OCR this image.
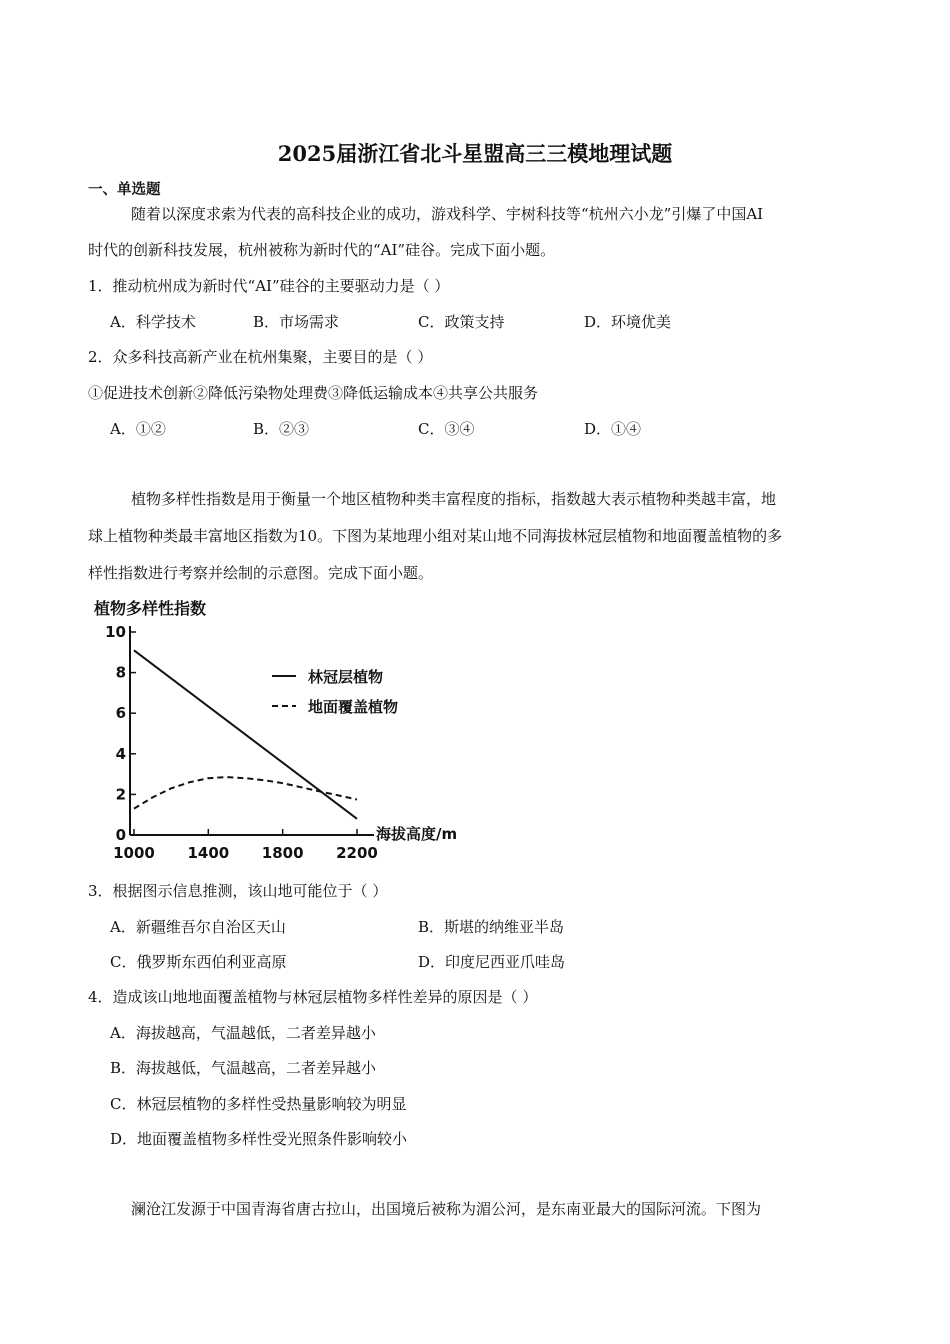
2025届浙江省北斗星盟高三三模地理试题
一、单选题
随着以深度求索为代表的高科技企业的成功，游戏科学、宇树科技等“杭州六小龙”引爆了中国AI
时代的创新科技发展，杭州被称为新时代的“AI”硅谷。完成下面小题。
1．推动杭州成为新时代“AI”硅谷的主要驱动力是（ ）
A．科学技术	B．市场需求	C．政策支持	D．环境优美
2．众多科技高新产业在杭州集聚，主要目的是（ ）
①促进技术创新②降低污染物处理费③降低运输成本④共享公共服务
A．①②	B．②③	C．③④	D．①④
植物多样性指数是用于衡量一个地区植物种类丰富程度的指标，指数越大表示植物种类越丰富，地
球上植物种类最丰富地区指数为10。下图为某地理小组对某山地不同海拔林冠层植物和地面覆盖植物的多
样性指数进行考察并绘制的示意图。完成下面小题。
植物多样性指数
海拔高度/m
0
2
4
6
8
10
1000 1400 1800 2200
林冠层植物
地面覆盖植物
3．根据图示信息推测，该山地可能位于（ ）
A．新疆维吾尔自治区天山	B．斯堪的纳维亚半岛
C．俄罗斯东西伯利亚高原	D．印度尼西亚爪哇岛
4．造成该山地地面覆盖植物与林冠层植物多样性差异的原因是（ ）
A．海拔越高，气温越低，二者差异越小
B．海拔越低，气温越高，二者差异越小
C．林冠层植物的多样性受热量影响较为明显
D．地面覆盖植物多样性受光照条件影响较小
澜沧江发源于中国青海省唐古拉山，出国境后被称为湄公河，是东南亚最大的国际河流。下图为
